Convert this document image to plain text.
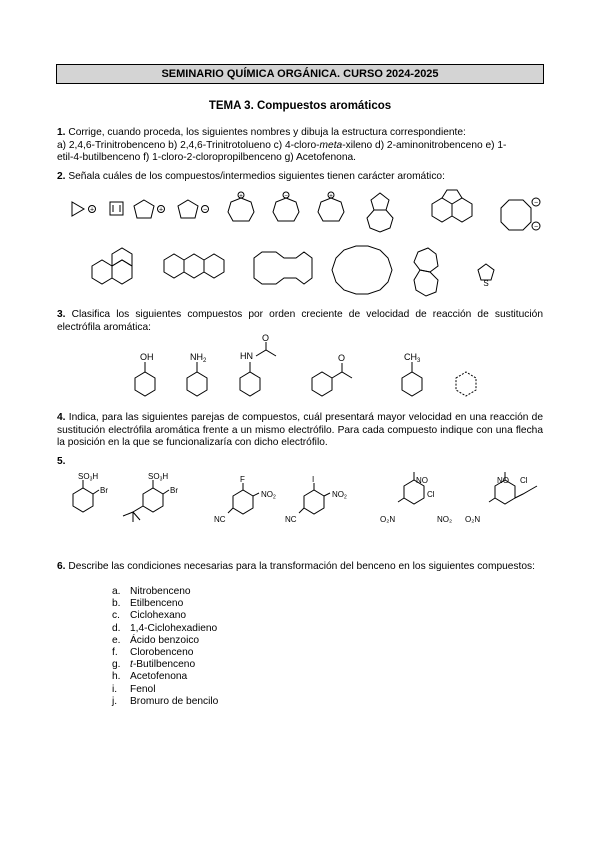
SEMINARIO QUÍMICA ORGÁNICA. CURSO 2024-2025
TEMA 3. Compuestos aromáticos
1. Corrige, cuando proceda, los siguientes nombres y dibuja la estructura correspondiente:
a) 2,4,6-Trinitrobenceno b) 2,4,6-Trinitrotolueno c) 4-cloro-meta-xileno d) 2-aminonitrobenceno e) 1-
etil-4-butilbenceno f) 1-cloro-2-cloropropilbenceno g) Acetofenona.
2. Señala cuáles de los compuestos/intermedios siguientes tienen carácter aromático:
+	+	−
+	−	+
−
−
S
3. Clasifica los siguientes compuestos por orden creciente de velocidad de reacción de sustitución electrófila aromática:
OH	$NH_2$	HN
O
O	$CH_3$
4. Indica, para las siguientes parejas de compuestos, cuál presentará mayor velocidad en una reacción de sustitución electrófila aromática frente a un mismo electrófilo. Para cada compuesto indique con una flecha la posición en la que se funcionalizaría con dicho electrófilo.
5.
SO3H
Br
SO3H
Br
F
NO2
NC
I
NO2
NC
NO
Cl
O₂N	NO₂
NO Cl
O₂N
6. Describe las condiciones necesarias para la transformación del benceno en los siguientes compuestos:
a. Nitrobenceno
b. Etilbenceno
c. Ciclohexano
d. 1,4-Ciclohexadieno
e. Ácido benzoico
f.	Clorobenceno
g. t-Butilbenceno
h. Acetofenona
i.	Fenol
j.	Bromuro de bencilo
